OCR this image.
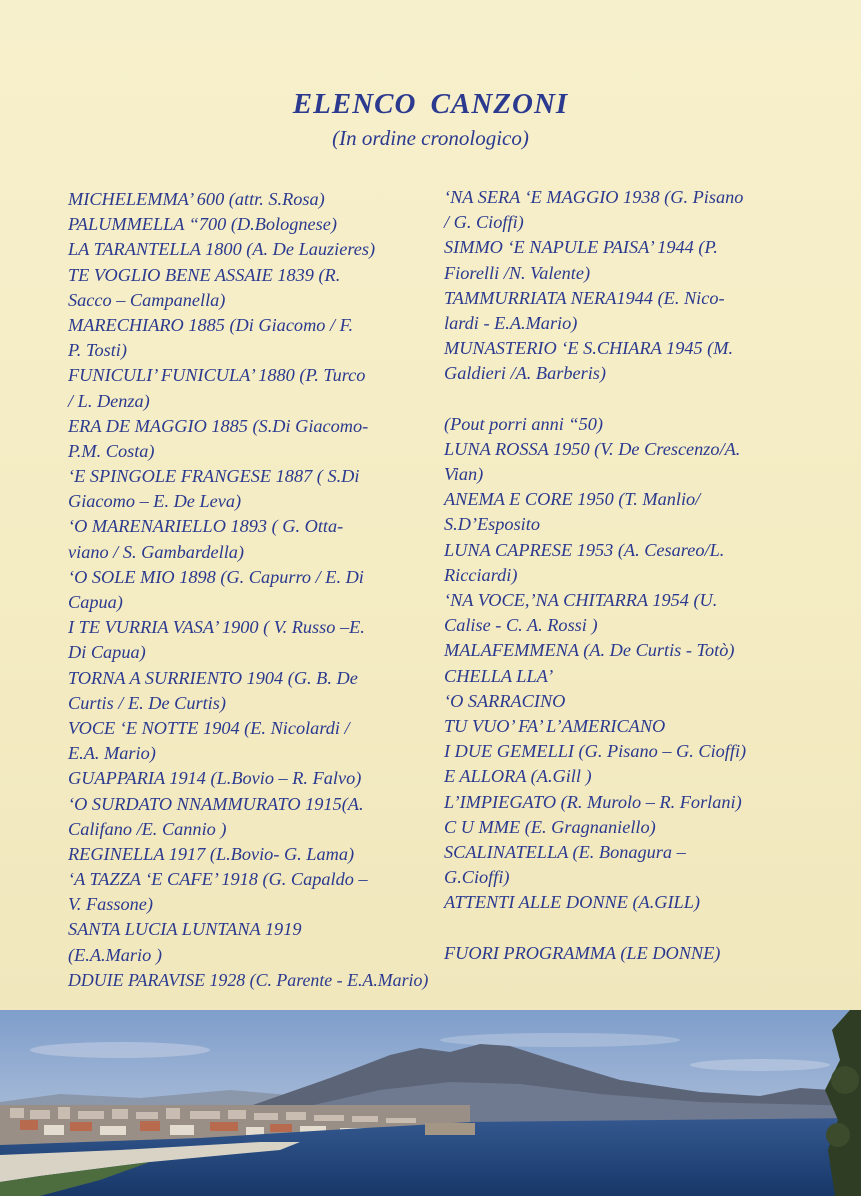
ELENCO CANZONI
(In ordine cronologico)
MICHELEMMA’ 600 (attr. S.Rosa)
PALUMMELLA “700 (D.Bolognese)
LA TARANTELLA 1800 (A. De Lauzieres)
TE VOGLIO BENE ASSAIE 1839 (R.
Sacco – Campanella)
MARECHIARO 1885 (Di Giacomo / F.
P. Tosti)
FUNICULI’ FUNICULA’ 1880 (P. Turco
/ L. Denza)
ERA DE MAGGIO 1885 (S.Di Giacomo-
P.M. Costa)
‘E SPINGOLE FRANGESE 1887 ( S.Di
Giacomo – E. De Leva)
‘O MARENARIELLO 1893 ( G. Otta-
viano / S. Gambardella)
‘O SOLE MIO 1898 (G. Capurro / E. Di
Capua)
I TE VURRIA VASA’ 1900 ( V. Russo –E.
Di Capua)
TORNA A SURRIENTO 1904 (G. B. De
Curtis / E. De Curtis)
VOCE ‘E NOTTE 1904 (E. Nicolardi /
E.A. Mario)
GUAPPARIA 1914 (L.Bovio – R. Falvo)
‘O SURDATO NNAMMURATO 1915(A.
Califano /E. Cannio )
REGINELLA 1917 (L.Bovio- G. Lama)
‘A TAZZA ‘E CAFE’ 1918 (G. Capaldo –
V. Fassone)
SANTA LUCIA LUNTANA 1919
(E.A.Mario )
DDUIE PARAVISE 1928 (C. Parente - E.A.Mario)
‘NA SERA ‘E MAGGIO 1938 (G. Pisano
/ G. Cioffi)
SIMMO ‘E NAPULE PAISA’ 1944 (P.
Fiorelli /N. Valente)
TAMMURRIATA NERA1944 (E. Nico-
lardi - E.A.Mario)
MUNASTERIO ‘E S.CHIARA 1945 (M.
Galdieri /A. Barberis)
(Pout porri anni “50)
LUNA ROSSA 1950 (V. De Crescenzo/A.
Vian)
ANEMA E CORE 1950 (T. Manlio/
S.D’Esposito
LUNA CAPRESE 1953 (A. Cesareo/L.
Ricciardi)
‘NA VOCE,’NA CHITARRA 1954 (U.
Calise - C. A. Rossi )
MALAFEMMENA (A. De Curtis - Totò)
CHELLA LLA’
‘O SARRACINO
TU VUO’ FA’ L’AMERICANO
I DUE GEMELLI (G. Pisano – G. Cioffi)
E ALLORA (A.Gill )
L’IMPIEGATO (R. Murolo – R. Forlani)
C U MME (E. Gragnaniello)
SCALINATELLA (E. Bonagura –
G.Cioffi)
ATTENTI ALLE DONNE (A.GILL)
FUORI PROGRAMMA (LE DONNE)
